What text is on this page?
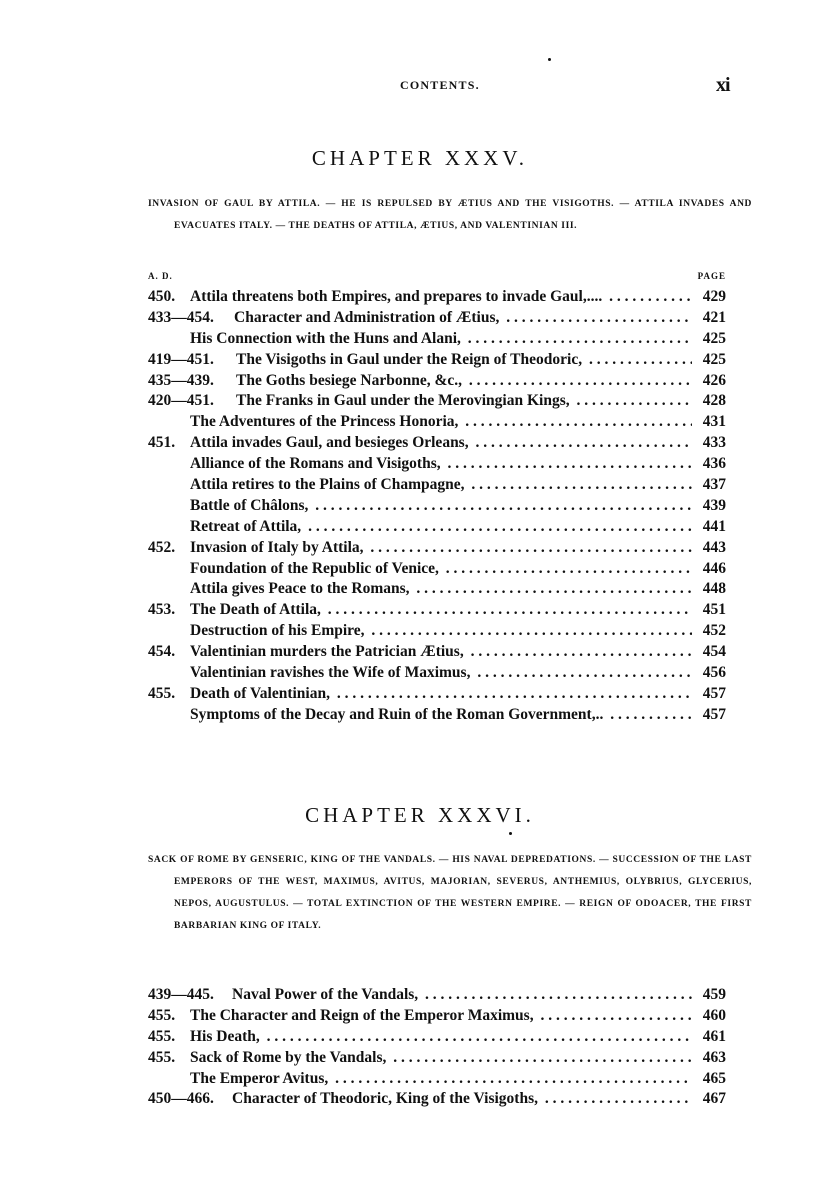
CONTENTS.	xi
CHAPTER XXXV.
INVASION OF GAUL BY ATTILA. — HE IS REPULSED BY ÆTIUS AND THE VISIGOTHS. — ATTILA INVADES AND EVACUATES ITALY. — THE DEATHS OF ATTILA, ÆTIUS, AND VALENTINIAN III.
A. D.	PAGE
450. Attila threatens both Empires, and prepares to invade Gaul,.... . . .	429
433—454. Character and Administration of Ætius, . . .	421
His Connection with the Huns and Alani, . . .	425
419—451. The Visigoths in Gaul under the Reign of Theodoric, . . .	425
435—439. The Goths besiege Narbonne, &c., . . .	426
420—451. The Franks in Gaul under the Merovingian Kings, . . .	428
The Adventures of the Princess Honoria, . . .	431
451. Attila invades Gaul, and besieges Orleans, . . .	433
Alliance of the Romans and Visigoths, . . .	436
Attila retires to the Plains of Champagne, . . .	437
Battle of Châlons, . . .	439
Retreat of Attila, . . .	441
452. Invasion of Italy by Attila, . . .	443
Foundation of the Republic of Venice, . . .	446
Attila gives Peace to the Romans, . . .	448
453. The Death of Attila, . . .	451
Destruction of his Empire, . . .	452
454. Valentinian murders the Patrician Ætius, . . .	454
Valentinian ravishes the Wife of Maximus, . . .	456
455. Death of Valentinian, . . .	457
Symptoms of the Decay and Ruin of the Roman Government,.. . . .	457
CHAPTER XXXVI.
SACK OF ROME BY GENSERIC, KING OF THE VANDALS. — HIS NAVAL DEPREDATIONS. — SUCCESSION OF THE LAST EMPERORS OF THE WEST, MAXIMUS, AVITUS, MAJORIAN, SEVERUS, ANTHEMIUS, OLYBRIUS, GLYCERIUS, NEPOS, AUGUSTULUS. — TOTAL EXTINCTION OF THE WESTERN EMPIRE. — REIGN OF ODOACER, THE FIRST BARBARIAN KING OF ITALY.
439—445. Naval Power of the Vandals, . . .	459
455. The Character and Reign of the Emperor Maximus, . . .	460
455. His Death, . . .	461
455. Sack of Rome by the Vandals, . . .	463
The Emperor Avitus, . . .	465
450—466. Character of Theodoric, King of the Visigoths, . . .	467
